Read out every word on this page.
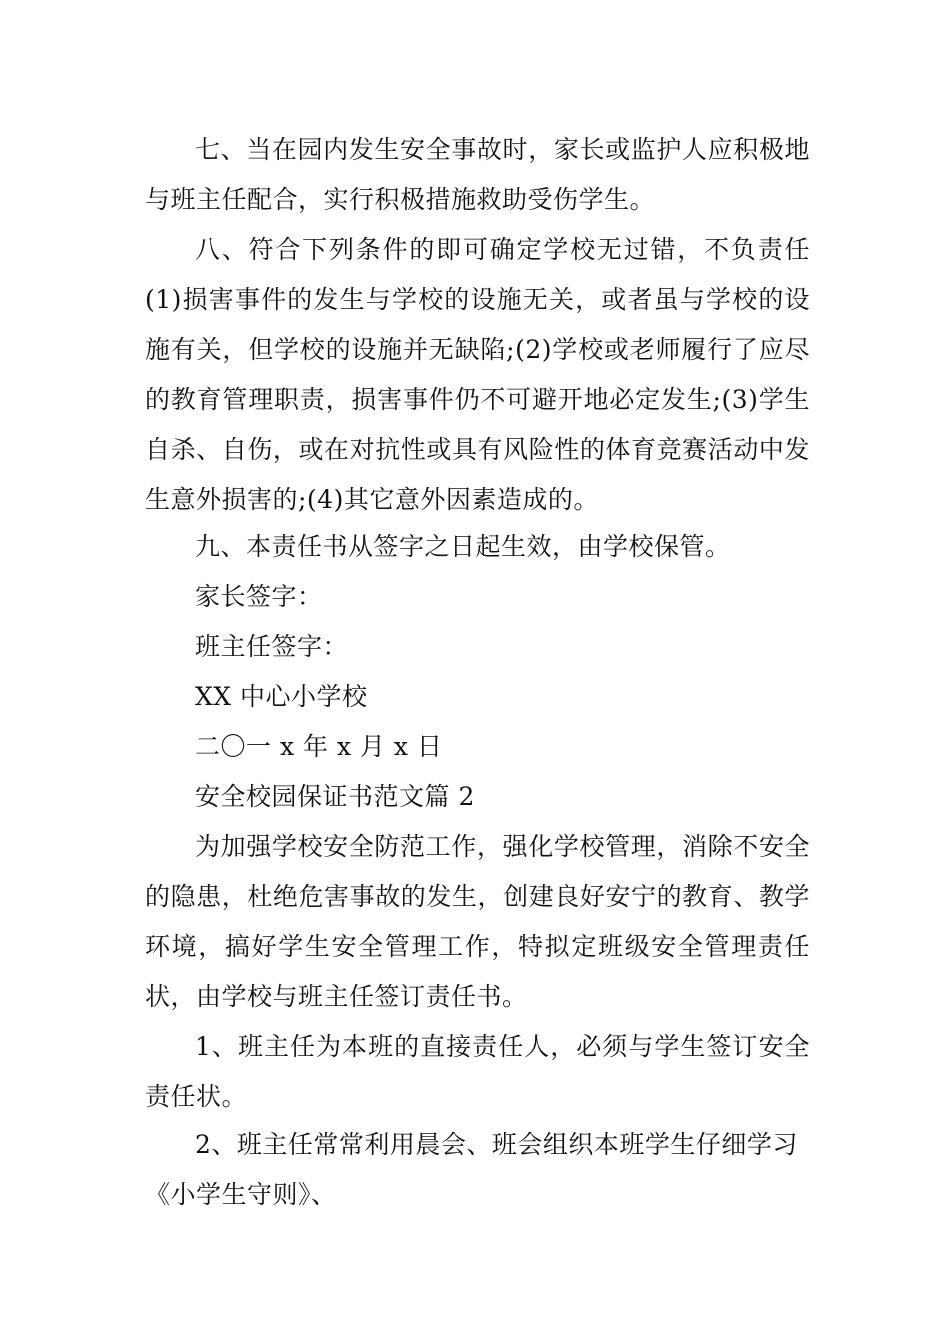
七、当在园内发生安全事故时，家长或监护人应积极地与班主任配合，实行积极措施救助受伤学生。

八、符合下列条件的即可确定学校无过错，不负责任(1)损害事件的发生与学校的设施无关，或者虽与学校的设施有关，但学校的设施并无缺陷;(2)学校或老师履行了应尽的教育管理职责，损害事件仍不可避开地必定发生;(3)学生自杀、自伤，或在对抗性或具有风险性的体育竞赛活动中发生意外损害的;(4)其它意外因素造成的。

九、本责任书从签字之日起生效，由学校保管。

家长签字：

班主任签字：

XX 中心小学校

二〇一 x 年 x 月 x 日

安全校园保证书范文篇 2

为加强学校安全防范工作，强化学校管理，消除不安全的隐患，杜绝危害事故的发生，创建良好安宁的教育、教学环境，搞好学生安全管理工作，特拟定班级安全管理责任状，由学校与班主任签订责任书。

1、班主任为本班的直接责任人，必须与学生签订安全责任状。

2、班主任常常利用晨会、班会组织本班学生仔细学习

《小学生守则》、
